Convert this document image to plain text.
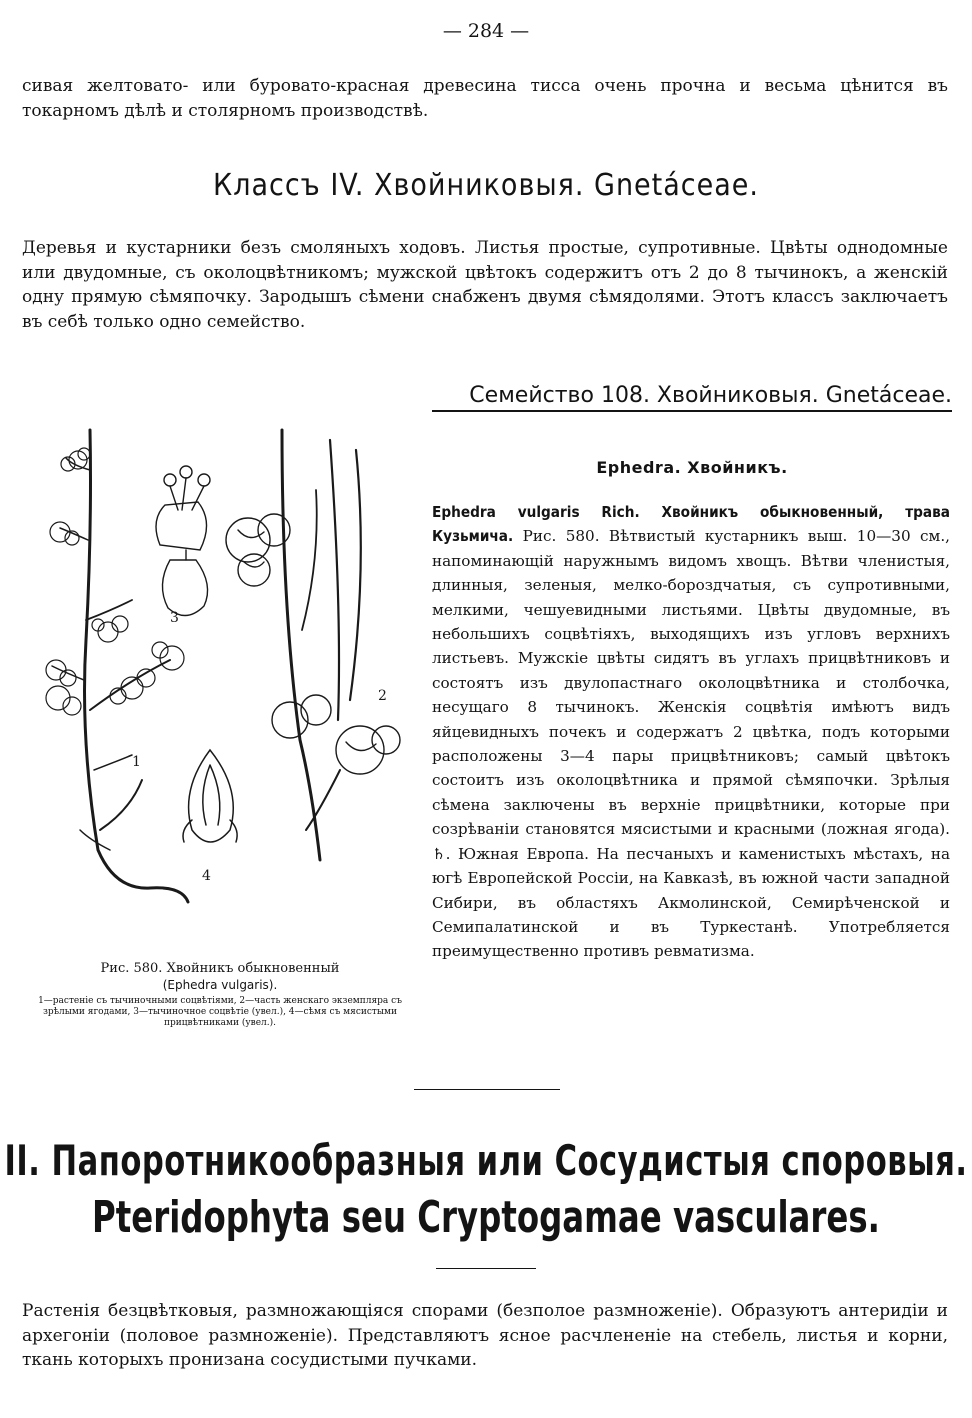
— 284 —
сивая желтовато- или буровато-красная древесина тисса очень прочна и весьма цѣнится въ токарномъ дѣлѣ и столярномъ производствѣ.
Классъ IV. Хвойниковыя. Gnetáceae.
Деревья и кустарники безъ смоляныхъ ходовъ. Листья простые, супротивные. Цвѣты однодомные или двудомные, съ околоцвѣтникомъ; мужской цвѣтокъ содержитъ отъ 2 до 8 тычинокъ, а женскій одну прямую сѣмяпочку. Зародышъ сѣмени снабженъ двумя сѣмядолями. Этотъ классъ заключаетъ въ себѣ только одно семейство.
1
2
3
4
Рис. 580. Хвойникъ обыкновенный
(Ephedra vulgaris).
1—растеніе съ тычиночными соцвѣтіями, 2—часть женскаго экземпляра съ зрѣлыми ягодами, 3—тычиночное соцвѣтіе (увел.), 4—сѣмя съ мясистыми прицвѣтниками (увел.).
Семейство 108. Хвойниковыя. Gnetáceae.
Ephedra. Хвойникъ.
Ephedra vulgaris Rich. Хвойникъ обыкновенный, трава Кузьмича. Рис. 580. Вѣтвистый кустарникъ выш. 10—30 см., напоминающій наружнымъ видомъ хвощъ. Вѣтви членистыя, длинныя, зеленыя, мелко-бороздчатыя, съ супротивными, мелкими, чешуевидными листьями. Цвѣты двудомные, въ небольшихъ соцвѣтіяхъ, выходящихъ изъ угловъ верхнихъ листьевъ. Мужскіе цвѣты сидятъ въ углахъ прицвѣтниковъ и состоятъ изъ двулопастнаго околоцвѣтника и столбочка, несущаго 8 тычинокъ. Женскія соцвѣтія имѣютъ видъ яйцевидныхъ почекъ и содержатъ 2 цвѣтка, подъ которыми расположены 3—4 пары прицвѣтниковъ; самый цвѣтокъ состоитъ изъ околоцвѣтника и прямой сѣмяпочки. Зрѣлыя сѣмена заключены въ верхніе прицвѣтники, которые при созрѣваніи становятся мясистыми и красными (ложная ягода). ♄. Южная Европа. На песчаныхъ и каменистыхъ мѣстахъ, на югѣ Европейской Россіи, на Кавказѣ, въ южной части западной Сибири, въ областяхъ Акмолинской, Семирѣченской и Семипалатинской и въ Туркестанѣ. Употребляется преимущественно противъ ревматизма.
II. Папоротникообразныя или Сосудистыя споровыя.
Pteridophyta seu Cryptogamae vasculares.
Растенія безцвѣтковыя, размножающіяся спорами (безполое размноженіе). Образуютъ антеридіи и архегоніи (половое размноженіе). Представляютъ ясное расчлененіе на стебель, листья и корни, ткань которыхъ пронизана сосудистыми пучками.
